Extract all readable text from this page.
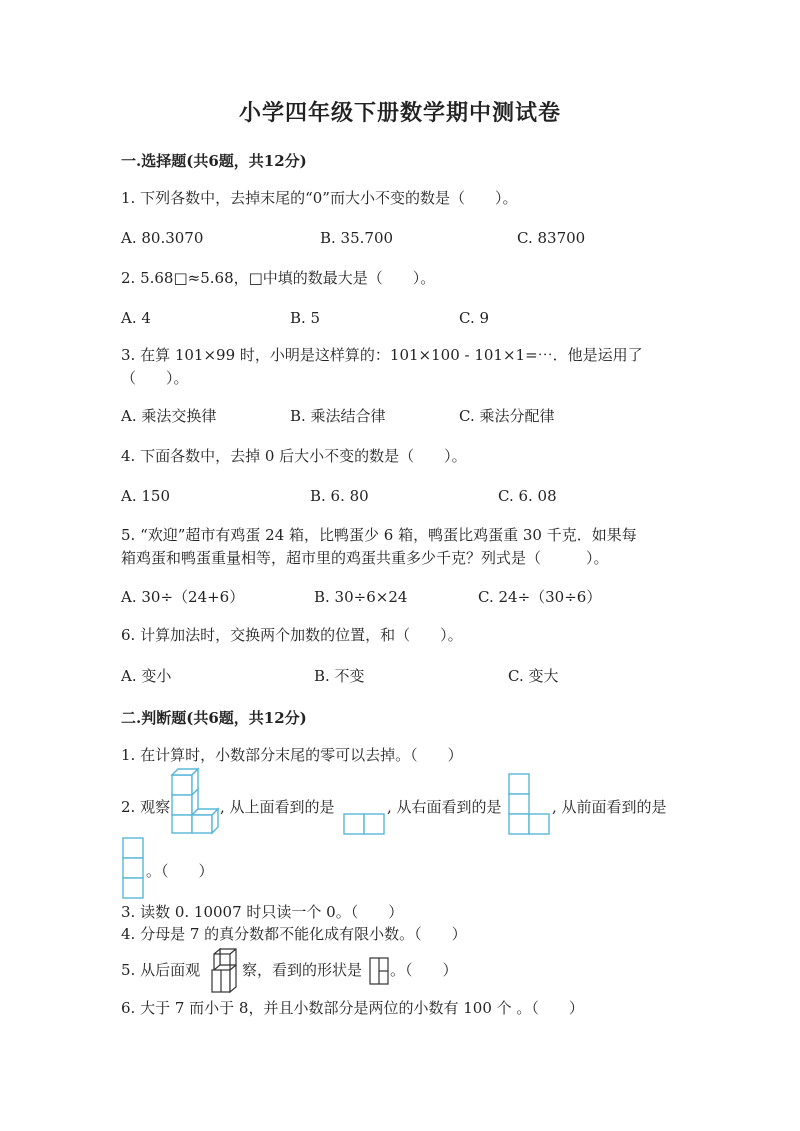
小学四年级下册数学期中测试卷
一.选择题(共6题，共12分)
1. 下列各数中，去掉末尾的“0”而大小不变的数是（　　）。
A. 80.3070	B. 35.700	C. 83700
2. 5.68□≈5.68，□中填的数最大是（　　）。
A. 4	B. 5	C. 9
3. 在算 101×99 时，小明是这样算的：101×100 - 101×1=⋯．他是运用了
（　　）。
A. 乘法交换律	B. 乘法结合律	C. 乘法分配律
4. 下面各数中，去掉 0 后大小不变的数是（　　）。
A. 150	B. 6. 80	C. 6. 08
5. “欢迎”超市有鸡蛋 24 箱，比鸭蛋少 6 箱，鸭蛋比鸡蛋重 30 千克．如果每
箱鸡蛋和鸭蛋重量相等，超市里的鸡蛋共重多少千克？列式是（　　　）。
A. 30÷（24+6）	B. 30÷6×24	C. 24÷（30÷6）
6. 计算加法时，交换两个加数的位置，和（　　）。
A. 变小	B. 不变	C. 变大
二.判断题(共6题，共12分)
1. 在计算时，小数部分末尾的零可以去掉。（　　）
2. 观察	, 从上面看到的是	, 从右面看到的是	, 从前面看到的是
。（　　）
3. 读数 0. 10007 时只读一个 0。（　　）
4. 分母是 7 的真分数都不能化成有限小数。（　　）
5. 从后面观	察，看到的形状是 。（　　）
6. 大于 7 而小于 8，并且小数部分是两位的小数有 100 个 。（　　）
